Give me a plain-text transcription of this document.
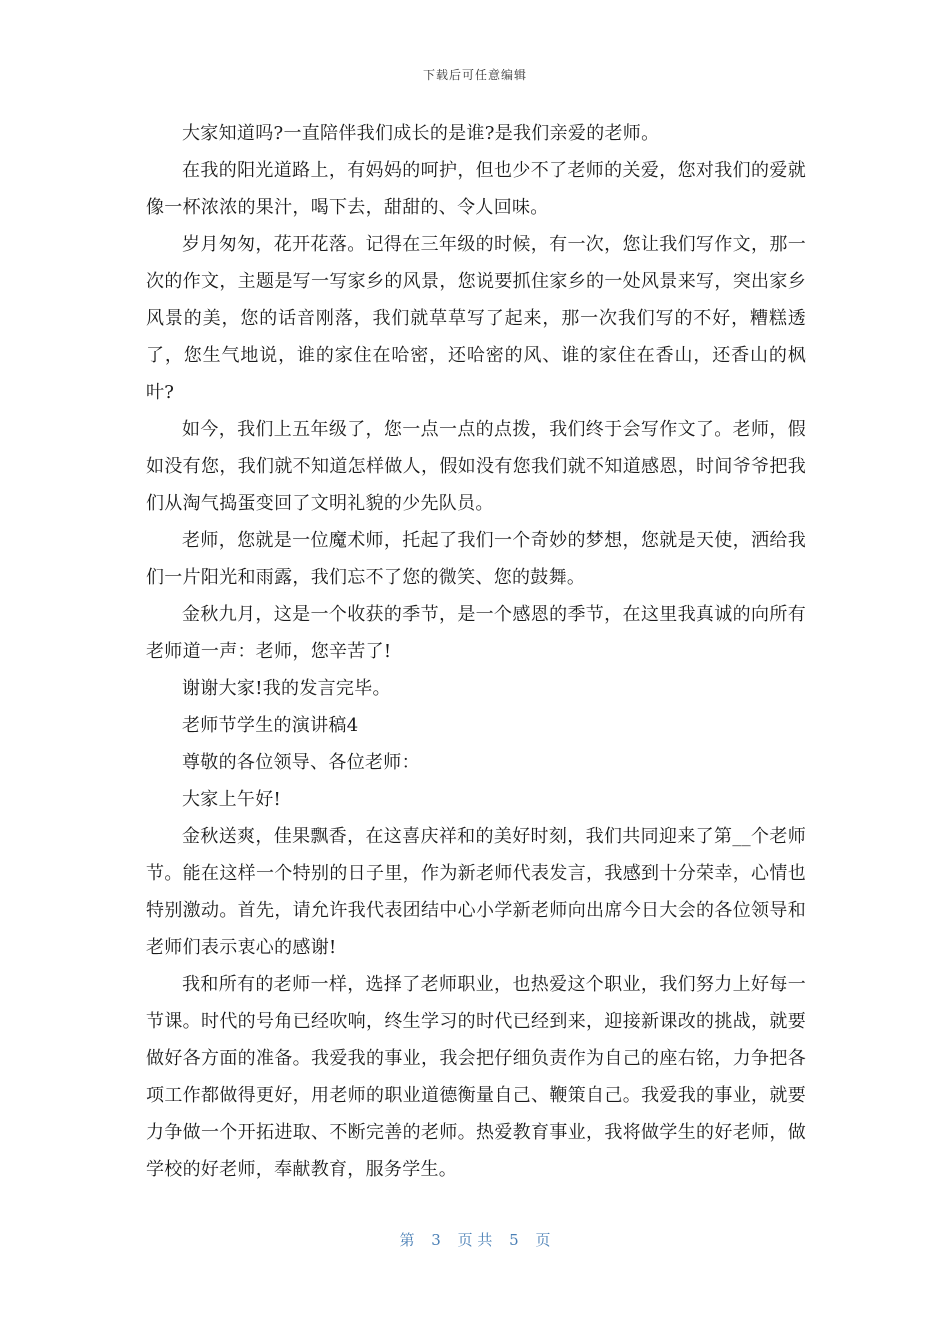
下载后可任意编辑

大家知道吗?一直陪伴我们成长的是谁?是我们亲爱的老师。

在我的阳光道路上，有妈妈的呵护，但也少不了老师的关爱，您对我们的爱就像一杯浓浓的果汁，喝下去，甜甜的、令人回味。

岁月匆匆，花开花落。记得在三年级的时候，有一次，您让我们写作文，那一次的作文，主题是写一写家乡的风景，您说要抓住家乡的一处风景来写，突出家乡风景的美，您的话音刚落，我们就草草写了起来，那一次我们写的不好，糟糕透了，您生气地说，谁的家住在哈密，还哈密的风、谁的家住在香山，还香山的枫叶?

如今，我们上五年级了，您一点一点的点拨，我们终于会写作文了。老师，假如没有您，我们就不知道怎样做人，假如没有您我们就不知道感恩，时间爷爷把我们从淘气捣蛋变回了文明礼貌的少先队员。

老师，您就是一位魔术师，托起了我们一个奇妙的梦想，您就是天使，洒给我们一片阳光和雨露，我们忘不了您的微笑、您的鼓舞。

金秋九月，这是一个收获的季节，是一个感恩的季节，在这里我真诚的向所有老师道一声：老师，您辛苦了!

谢谢大家!我的发言完毕。

老师节学生的演讲稿4

尊敬的各位领导、各位老师：

大家上午好!

金秋送爽，佳果飘香，在这喜庆祥和的美好时刻，我们共同迎来了第__个老师节。能在这样一个特别的日子里，作为新老师代表发言，我感到十分荣幸，心情也特别激动。首先，请允许我代表团结中心小学新老师向出席今日大会的各位领导和老师们表示衷心的感谢!

我和所有的老师一样，选择了老师职业，也热爱这个职业，我们努力上好每一节课。时代的号角已经吹响，终生学习的时代已经到来，迎接新课改的挑战，就要做好各方面的准备。我爱我的事业，我会把仔细负责作为自己的座右铭，力争把各项工作都做得更好，用老师的职业道德衡量自己、鞭策自己。我爱我的事业，就要力争做一个开拓进取、不断完善的老师。热爱教育事业，我将做学生的好老师，做学校的好老师，奉献教育，服务学生。

第 3 页 共 5 页
